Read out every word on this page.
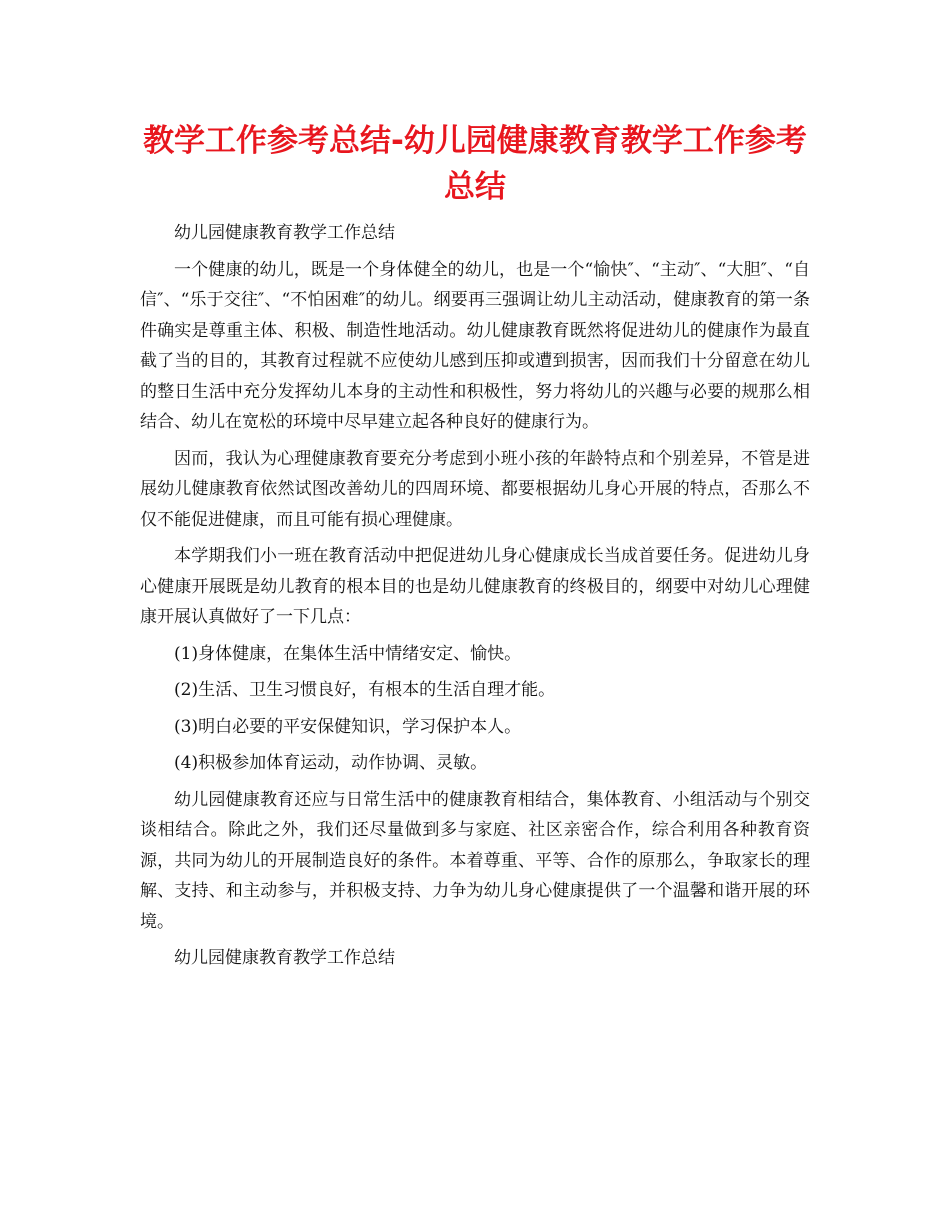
教学工作参考总结-幼儿园健康教育教学工作参考总结

幼儿园健康教育教学工作总结

一个健康的幼儿，既是一个身体健全的幼儿，也是一个“愉快″、“主动″、“大胆″、“自信″、“乐于交往″、“不怕困难″的幼儿。纲要再三强调让幼儿主动活动，健康教育的第一条件确实是尊重主体、积极、制造性地活动。幼儿健康教育既然将促进幼儿的健康作为最直截了当的目的，其教育过程就不应使幼儿感到压抑或遭到损害，因而我们十分留意在幼儿的整日生活中充分发挥幼儿本身的主动性和积极性，努力将幼儿的兴趣与必要的规那么相结合、幼儿在宽松的环境中尽早建立起各种良好的健康行为。

因而，我认为心理健康教育要充分考虑到小班小孩的年龄特点和个别差异，不管是进展幼儿健康教育依然试图改善幼儿的四周环境、都要根据幼儿身心开展的特点，否那么不仅不能促进健康，而且可能有损心理健康。

本学期我们小一班在教育活动中把促进幼儿身心健康成长当成首要任务。促进幼儿身心健康开展既是幼儿教育的根本目的也是幼儿健康教育的终极目的，纲要中对幼儿心理健康开展认真做好了一下几点：

(1)身体健康，在集体生活中情绪安定、愉快。

(2)生活、卫生习惯良好，有根本的生活自理才能。

(3)明白必要的平安保健知识，学习保护本人。

(4)积极参加体育运动，动作协调、灵敏。

幼儿园健康教育还应与日常生活中的健康教育相结合，集体教育、小组活动与个别交谈相结合。除此之外，我们还尽量做到多与家庭、社区亲密合作，综合利用各种教育资源，共同为幼儿的开展制造良好的条件。本着尊重、平等、合作的原那么，争取家长的理解、支持、和主动参与，并积极支持、力争为幼儿身心健康提供了一个温馨和谐开展的环境。

幼儿园健康教育教学工作总结
